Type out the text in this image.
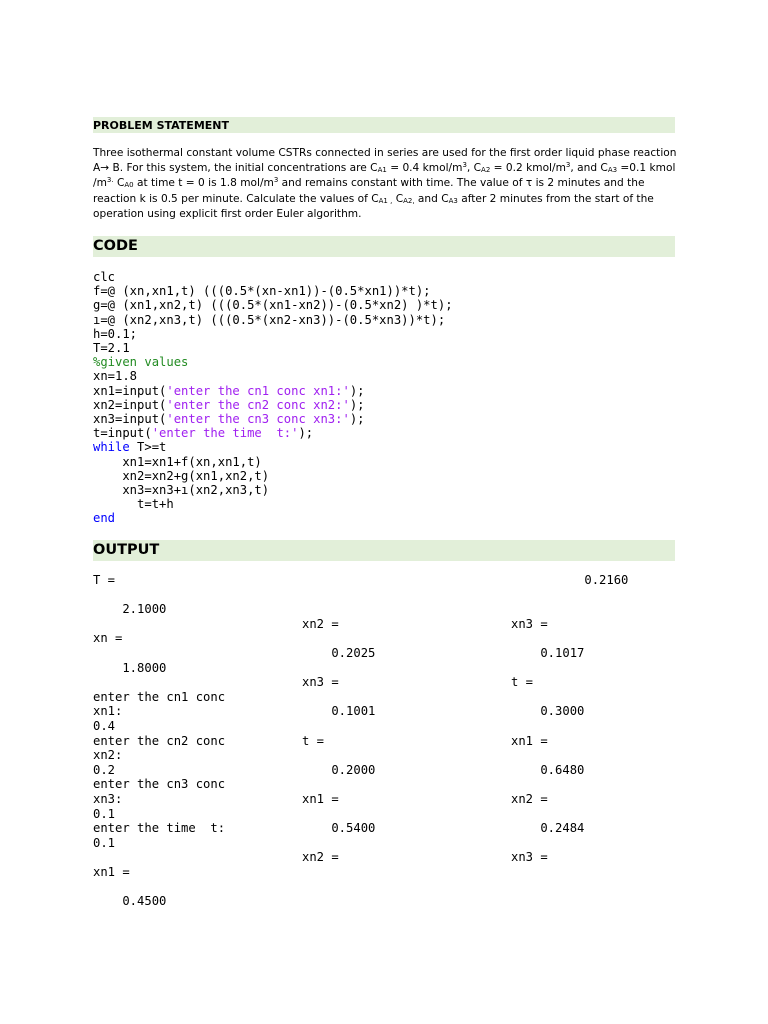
PROBLEM STATEMENT

Three isothermal constant volume CSTRs connected in series are used for the first order liquid phase reaction A→ B. For this system, the initial concentrations are $C_{A1} = 0.4$ kmol/$m^3$, $C_{A2} = 0.2$ kmol/$m^3$, and $C_{A3} =0.1$ kmol $/m^{3.}$ $C_{A0}$ at time t = 0 is 1.8 mol/$m^3$ and remains constant with time. The value of τ is 2 minutes and the reaction k is 0.5 per minute. Calculate the values of $C_{A1 ,}$ $C_{A2,}$ and $C_{A3}$ after 2 minutes from the start of the operation using explicit first order Euler algorithm.

CODE
clc
f=@ (xn,xn1,t) (((0.5*(xn-xn1))-(0.5*xn1))*t);
g=@ (xn1,xn2,t) (((0.5*(xn1-xn2))-(0.5*xn2) )*t);
ı=@ (xn2,xn3,t) (((0.5*(xn2-xn3))-(0.5*xn3))*t);
h=0.1;
T=2.1
%given values
xn=1.8
xn1=input('enter the cn1 conc xn1:');
xn2=input('enter the cn2 conc xn2:');
xn3=input('enter the cn3 conc xn3:');
t=input('enter the time  t:');
while T>=t
xn1=xn1+f(xn,xn1,t)
xn2=xn2+g(xn1,xn2,t)
xn3=xn3+ı(xn2,xn3,t)
t=t+h
end
OUTPUT
T =

2.1000

xn =

1.8000

enter the cn1 conc
xn1:
0.4
enter the cn2 conc
xn2:
0.2
enter the cn3 conc
xn3:
0.1
enter the time  t:
0.1

xn1 =

0.4500

xn2 =

0.2025

xn3 =

0.1001

t =

0.2000

xn1 =

0.5400

xn2 =
0.2160

xn3 =

0.1017

t =

0.3000

xn1 =

0.6480

xn2 =

0.2484

xn3 =
